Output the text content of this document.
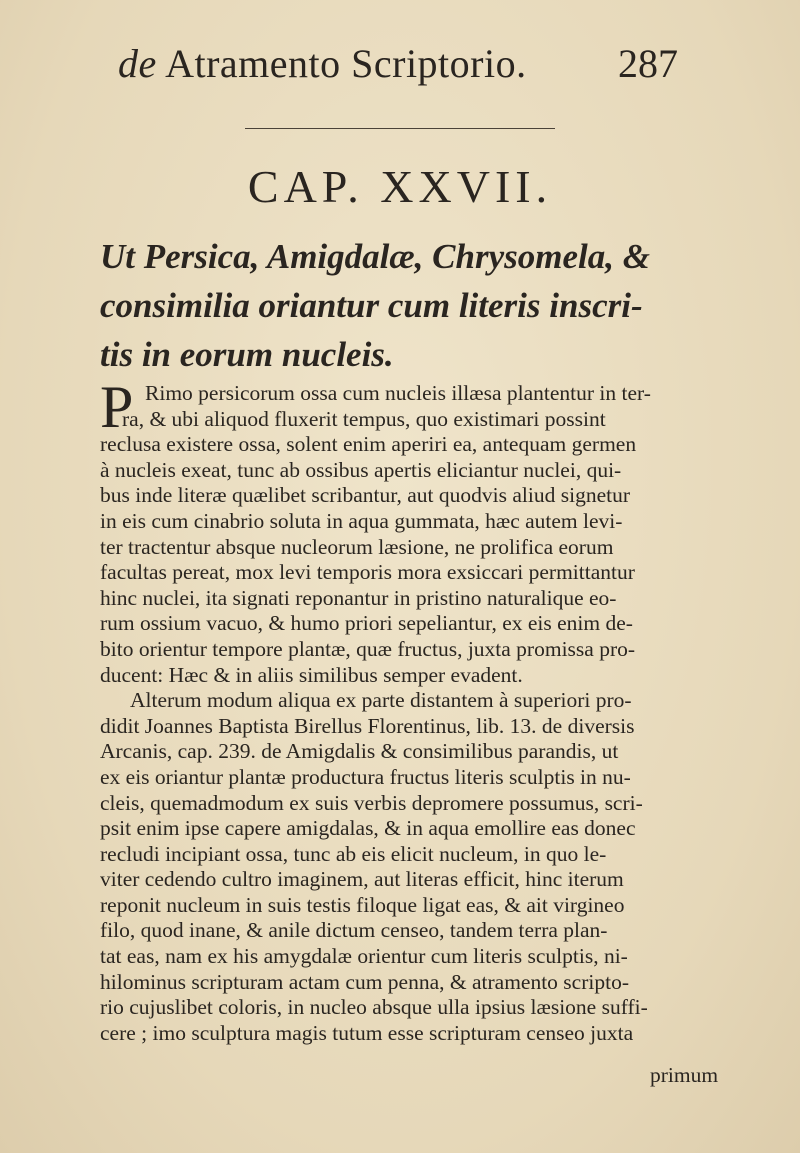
de Atramento Scriptorio. 287
CAP. XXVII.
Ut Persica, Amigdalæ, Chrysomela, &
consimilia oriantur cum literis inscri-
tis in eorum nucleis.
P Rimo persicorum ossa cum nucleis illæsa plantentur in ter-
ra, & ubi aliquod fluxerit tempus, quo existimari possint
reclusa existere ossa, solent enim aperiri ea, antequam germen
à nucleis exeat, tunc ab ossibus apertis eliciantur nuclei, qui-
bus inde literæ quælibet scribantur, aut quodvis aliud signetur
in eis cum cinabrio soluta in aqua gummata, hæc autem levi-
ter tractentur absque nucleorum læsione, ne prolifica eorum
facultas pereat, mox levi temporis mora exsiccari permittantur
hinc nuclei, ita signati reponantur in pristino naturalique eo-
rum ossium vacuo, & humo priori sepeliantur, ex eis enim de-
bito orientur tempore plantæ, quæ fructus, juxta promissa pro-
ducent: Hæc & in aliis similibus semper evadent.
Alterum modum aliqua ex parte distantem à superiori pro-
didit Joannes Baptista Birellus Florentinus, lib. 13. de diversis
Arcanis, cap. 239. de Amigdalis & consimilibus parandis, ut
ex eis oriantur plantæ productura fructus literis sculptis in nu-
cleis, quemadmodum ex suis verbis depromere possumus, scri-
psit enim ipse capere amigdalas, & in aqua emollire eas donec
recludi incipiant ossa, tunc ab eis elicit nucleum, in quo le-
viter cedendo cultro imaginem, aut literas efficit, hinc iterum
reponit nucleum in suis testis filoque ligat eas, & ait virgineo
filo, quod inane, & anile dictum censeo, tandem terra plan-
tat eas, nam ex his amygdalæ orientur cum literis sculptis, ni-
hilominus scripturam actam cum penna, & atramento scripto-
rio cujuslibet coloris, in nucleo absque ulla ipsius læsione suffi-
cere ; imo sculptura magis tutum esse scripturam censeo juxta
primum
